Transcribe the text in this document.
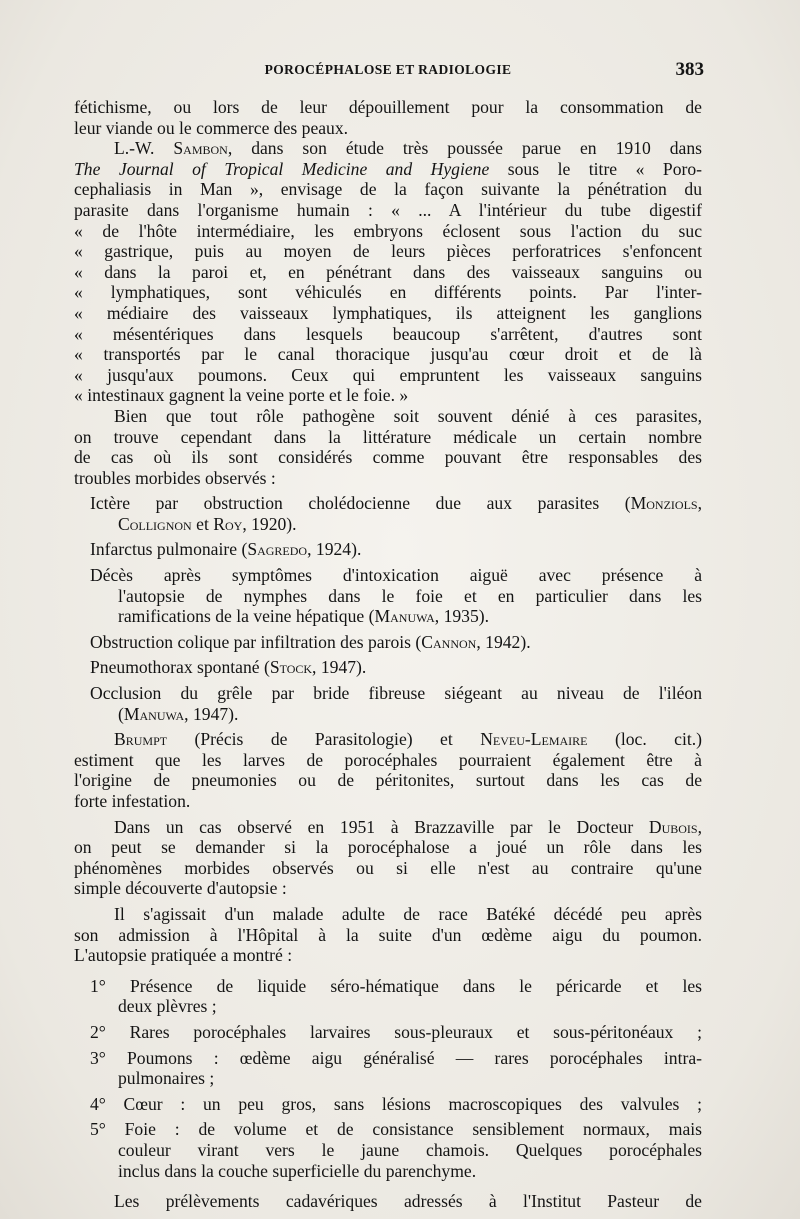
POROCÉPHALOSE ET RADIOLOGIE	383
fétichisme, ou lors de leur dépouillement pour la consommation de
leur viande ou le commerce des peaux.
L.-W. Sambon, dans son étude très poussée parue en 1910 dans
The Journal of Tropical Medicine and Hygiene sous le titre « Poro-
cephaliasis in Man », envisage de la façon suivante la pénétration du
parasite dans l'organisme humain : « ... A l'intérieur du tube digestif
« de l'hôte intermédiaire, les embryons éclosent sous l'action du suc
« gastrique, puis au moyen de leurs pièces perforatrices s'enfoncent
« dans la paroi et, en pénétrant dans des vaisseaux sanguins ou
« lymphatiques, sont véhiculés en différents points. Par l'inter-
« médiaire des vaisseaux lymphatiques, ils atteignent les ganglions
« mésentériques dans lesquels beaucoup s'arrêtent, d'autres sont
« transportés par le canal thoracique jusqu'au cœur droit et de là
« jusqu'aux poumons. Ceux qui empruntent les vaisseaux sanguins
« intestinaux gagnent la veine porte et le foie. »
Bien que tout rôle pathogène soit souvent dénié à ces parasites,
on trouve cependant dans la littérature médicale un certain nombre
de cas où ils sont considérés comme pouvant être responsables des
troubles morbides observés :
Ictère par obstruction cholédocienne due aux parasites (Monziols,
Collignon et Roy, 1920).
Infarctus pulmonaire (Sagredo, 1924).
Décès après symptômes d'intoxication aiguë avec présence à
l'autopsie de nymphes dans le foie et en particulier dans les
ramifications de la veine hépatique (Manuwa, 1935).
Obstruction colique par infiltration des parois (Cannon, 1942).
Pneumothorax spontané (Stock, 1947).
Occlusion du grêle par bride fibreuse siégeant au niveau de l'iléon
(Manuwa, 1947).
Brumpt (Précis de Parasitologie) et Neveu-Lemaire (loc. cit.)
estiment que les larves de porocéphales pourraient également être à
l'origine de pneumonies ou de péritonites, surtout dans les cas de
forte infestation.
Dans un cas observé en 1951 à Brazzaville par le Docteur Dubois,
on peut se demander si la porocéphalose a joué un rôle dans les
phénomènes morbides observés ou si elle n'est au contraire qu'une
simple découverte d'autopsie :
Il s'agissait d'un malade adulte de race Batéké décédé peu après
son admission à l'Hôpital à la suite d'un œdème aigu du poumon.
L'autopsie pratiquée a montré :
1° Présence de liquide séro-hématique dans le péricarde et les
deux plèvres ;
2° Rares porocéphales larvaires sous-pleuraux et sous-péritonéaux ;
3° Poumons : œdème aigu généralisé — rares porocéphales intra-
pulmonaires ;
4° Cœur : un peu gros, sans lésions macroscopiques des valvules ;
5° Foie : de volume et de consistance sensiblement normaux, mais
couleur virant vers le jaune chamois. Quelques porocéphales
inclus dans la couche superficielle du parenchyme.
Les prélèvements cadavériques adressés à l'Institut Pasteur de
